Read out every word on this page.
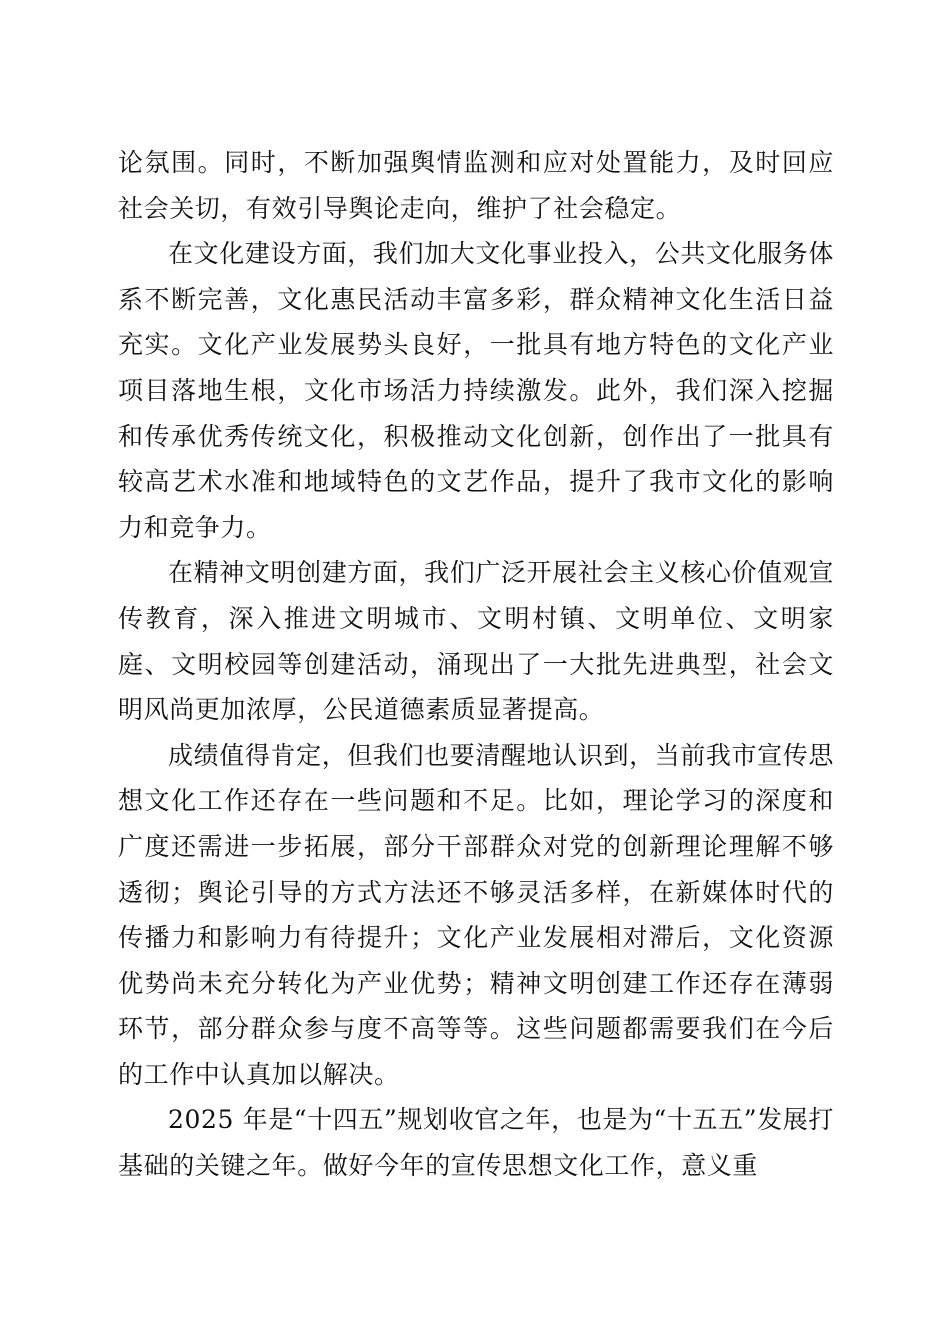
论氛围。同时，不断加强舆情监测和应对处置能力，及时回应社会关切，有效引导舆论走向，维护了社会稳定。

在文化建设方面，我们加大文化事业投入，公共文化服务体系不断完善，文化惠民活动丰富多彩，群众精神文化生活日益充实。文化产业发展势头良好，一批具有地方特色的文化产业项目落地生根，文化市场活力持续激发。此外，我们深入挖掘和传承优秀传统文化，积极推动文化创新，创作出了一批具有较高艺术水准和地域特色的文艺作品，提升了我市文化的影响力和竞争力。

在精神文明创建方面，我们广泛开展社会主义核心价值观宣传教育，深入推进文明城市、文明村镇、文明单位、文明家庭、文明校园等创建活动，涌现出了一大批先进典型，社会文明风尚更加浓厚，公民道德素质显著提高。

成绩值得肯定，但我们也要清醒地认识到，当前我市宣传思想文化工作还存在一些问题和不足。比如，理论学习的深度和广度还需进一步拓展，部分干部群众对党的创新理论理解不够透彻；舆论引导的方式方法还不够灵活多样，在新媒体时代的传播力和影响力有待提升；文化产业发展相对滞后，文化资源优势尚未充分转化为产业优势；精神文明创建工作还存在薄弱环节，部分群众参与度不高等等。这些问题都需要我们在今后的工作中认真加以解决。

2025 年是“十四五”规划收官之年，也是为“十五五”发展打基础的关键之年。做好今年的宣传思想文化工作，意义重
